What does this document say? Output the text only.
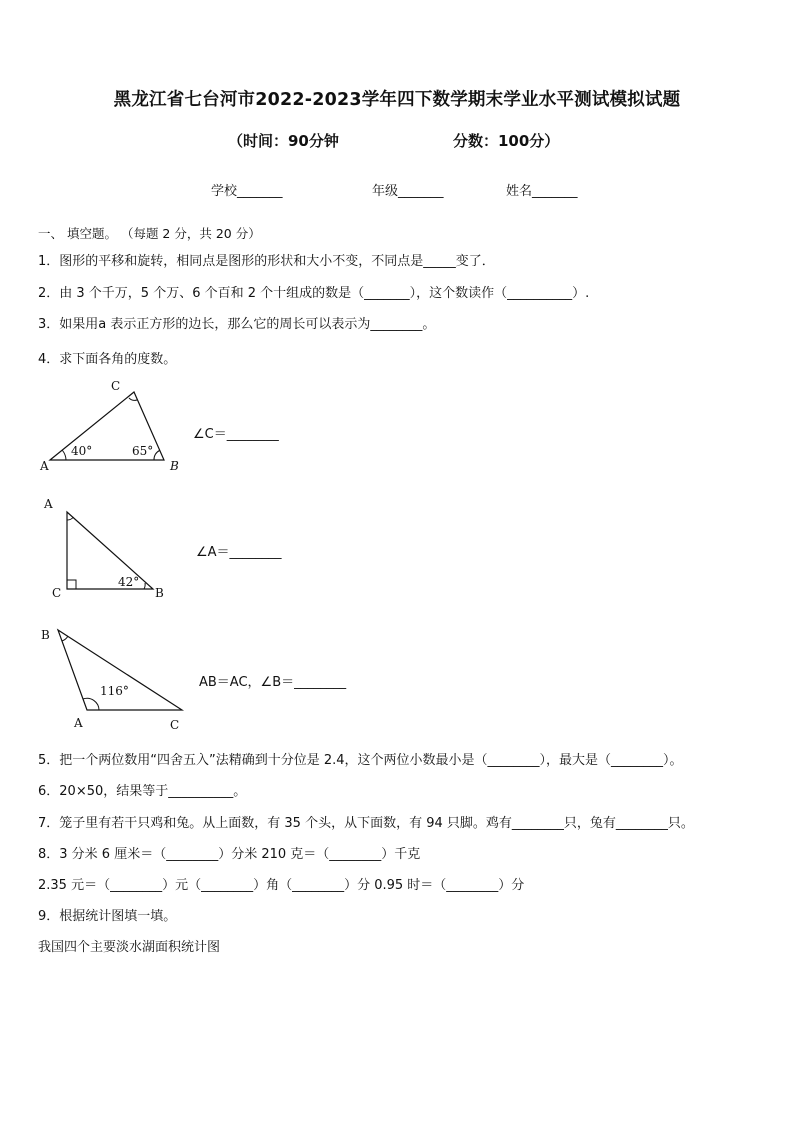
黑龙江省七台河市2022-2023学年四下数学期末学业水平测试模拟试题
（时间：90分钟	分数：100分）
学校_______	年级_______	姓名_______
一、 填空题。 （每题 2 分，共 20 分）
1．图形的平移和旋转，相同点是图形的形状和大小不变，不同点是_____变了．
2．由 3 个千万，5 个万、6 个百和 2 个十组成的数是（_______），这个数读作（__________）.
3．如果用a 表示正方形的边长，那么它的周长可以表示为________。
4．求下面各角的度数。
A	B
C
40°	65°
∠C＝________
A
B
C
42°
∠A＝________
B
A	C
116°
AB＝AC，∠B＝________
5．把一个两位数用“四舍五入”法精确到十分位是 2.4，这个两位小数最小是（________），最大是（________）。
6．20×50，结果等于__________。
7．笼子里有若干只鸡和兔。从上面数，有 35 个头，从下面数，有 94 只脚。鸡有________只，兔有________只。
8．3 分米 6 厘米＝（________）分米 210 克＝（________）千克
2.35 元＝（________）元（________）角（________）分 0.95 时＝（________）分
9．根据统计图填一填。
我国四个主要淡水湖面积统计图
